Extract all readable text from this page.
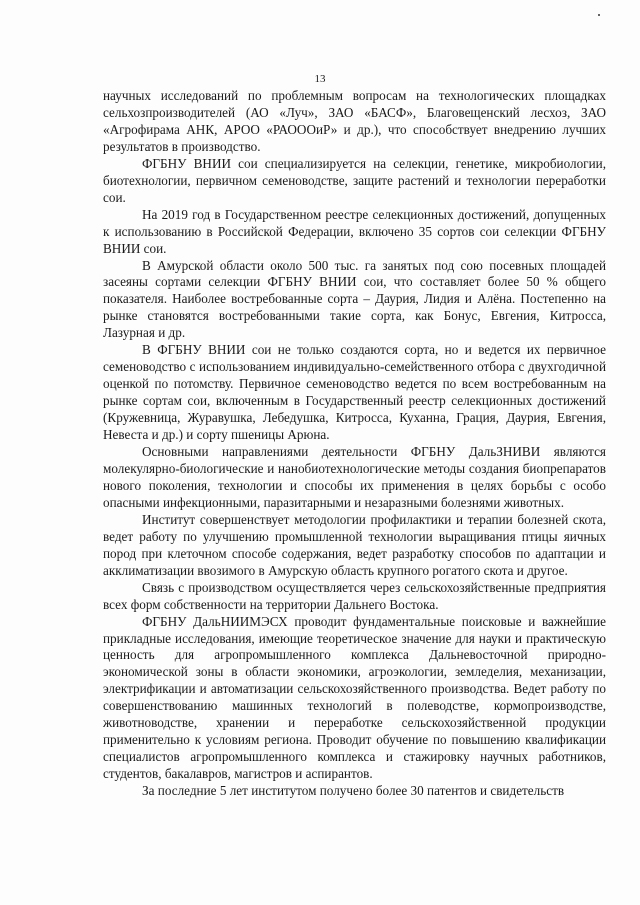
13

научных исследований по проблемным вопросам на технологических площадках сельхозпроизводителей (АО «Луч», ЗАО «БАСФ», Благовещенский лесхоз, ЗАО «Агрофирама АНК, АРОО «РАОООиР» и др.), что способствует внедрению лучших результатов в производство.

ФГБНУ ВНИИ сои специализируется на селекции, генетике, микробиологии, биотехнологии, первичном семеноводстве, защите растений и технологии переработки сои.

На 2019 год в Государственном реестре селекционных достижений, допущенных к использованию в Российской Федерации, включено 35 сортов сои селекции ФГБНУ ВНИИ сои.

В Амурской области около 500 тыс. га занятых под сою посевных площадей засеяны сортами селекции ФГБНУ ВНИИ сои, что составляет более 50 % общего показателя. Наиболее востребованные сорта – Даурия, Лидия и Алёна. Постепенно на рынке становятся востребованными такие сорта, как Бонус, Евгения, Китросса, Лазурная и др.

В ФГБНУ ВНИИ сои не только создаются сорта, но и ведется их первичное семеноводство с использованием индивидуально-семейственного отбора с двухгодичной оценкой по потомству. Первичное семеноводство ведется по всем востребованным на рынке сортам сои, включенным в Государственный реестр селекционных достижений (Кружевница, Журавушка, Лебедушка, Китросса, Куханна, Грация, Даурия, Евгения, Невеста и др.) и сорту пшеницы Арюна.

Основными направлениями деятельности ФГБНУ ДальЗНИВИ являются молекулярно-биологические и нанобиотехнологические методы создания биопрепаратов нового поколения, технологии и способы их применения в целях борьбы с особо опасными инфекционными, паразитарными и незаразными болезнями животных.

Институт совершенствует методологии профилактики и терапии болезней скота, ведет работу по улучшению промышленной технологии выращивания птицы яичных пород при клеточном способе содержания, ведет разработку способов по адаптации и акклиматизации ввозимого в Амурскую область крупного рогатого скота и другое.

Связь с производством осуществляется через сельскохозяйственные предприятия всех форм собственности на территории Дальнего Востока.

ФГБНУ ДальНИИМЭСХ проводит фундаментальные поисковые и важнейшие прикладные исследования, имеющие теоретическое значение для науки и практическую ценность для агропромышленного комплекса Дальневосточной природно-экономической зоны в области экономики, агроэкологии, земледелия, механизации, электрификации и автоматизации сельскохозяйственного производства. Ведет работу по совершенствованию машинных технологий в полеводстве, кормопроизводстве, животноводстве, хранении и переработке сельскохозяйственной продукции применительно к условиям региона. Проводит обучение по повышению квалификации специалистов агропромышленного комплекса и стажировку научных работников, студентов, бакалавров, магистров и аспирантов.

За последние 5 лет институтом получено более 30 патентов и свидетельств
